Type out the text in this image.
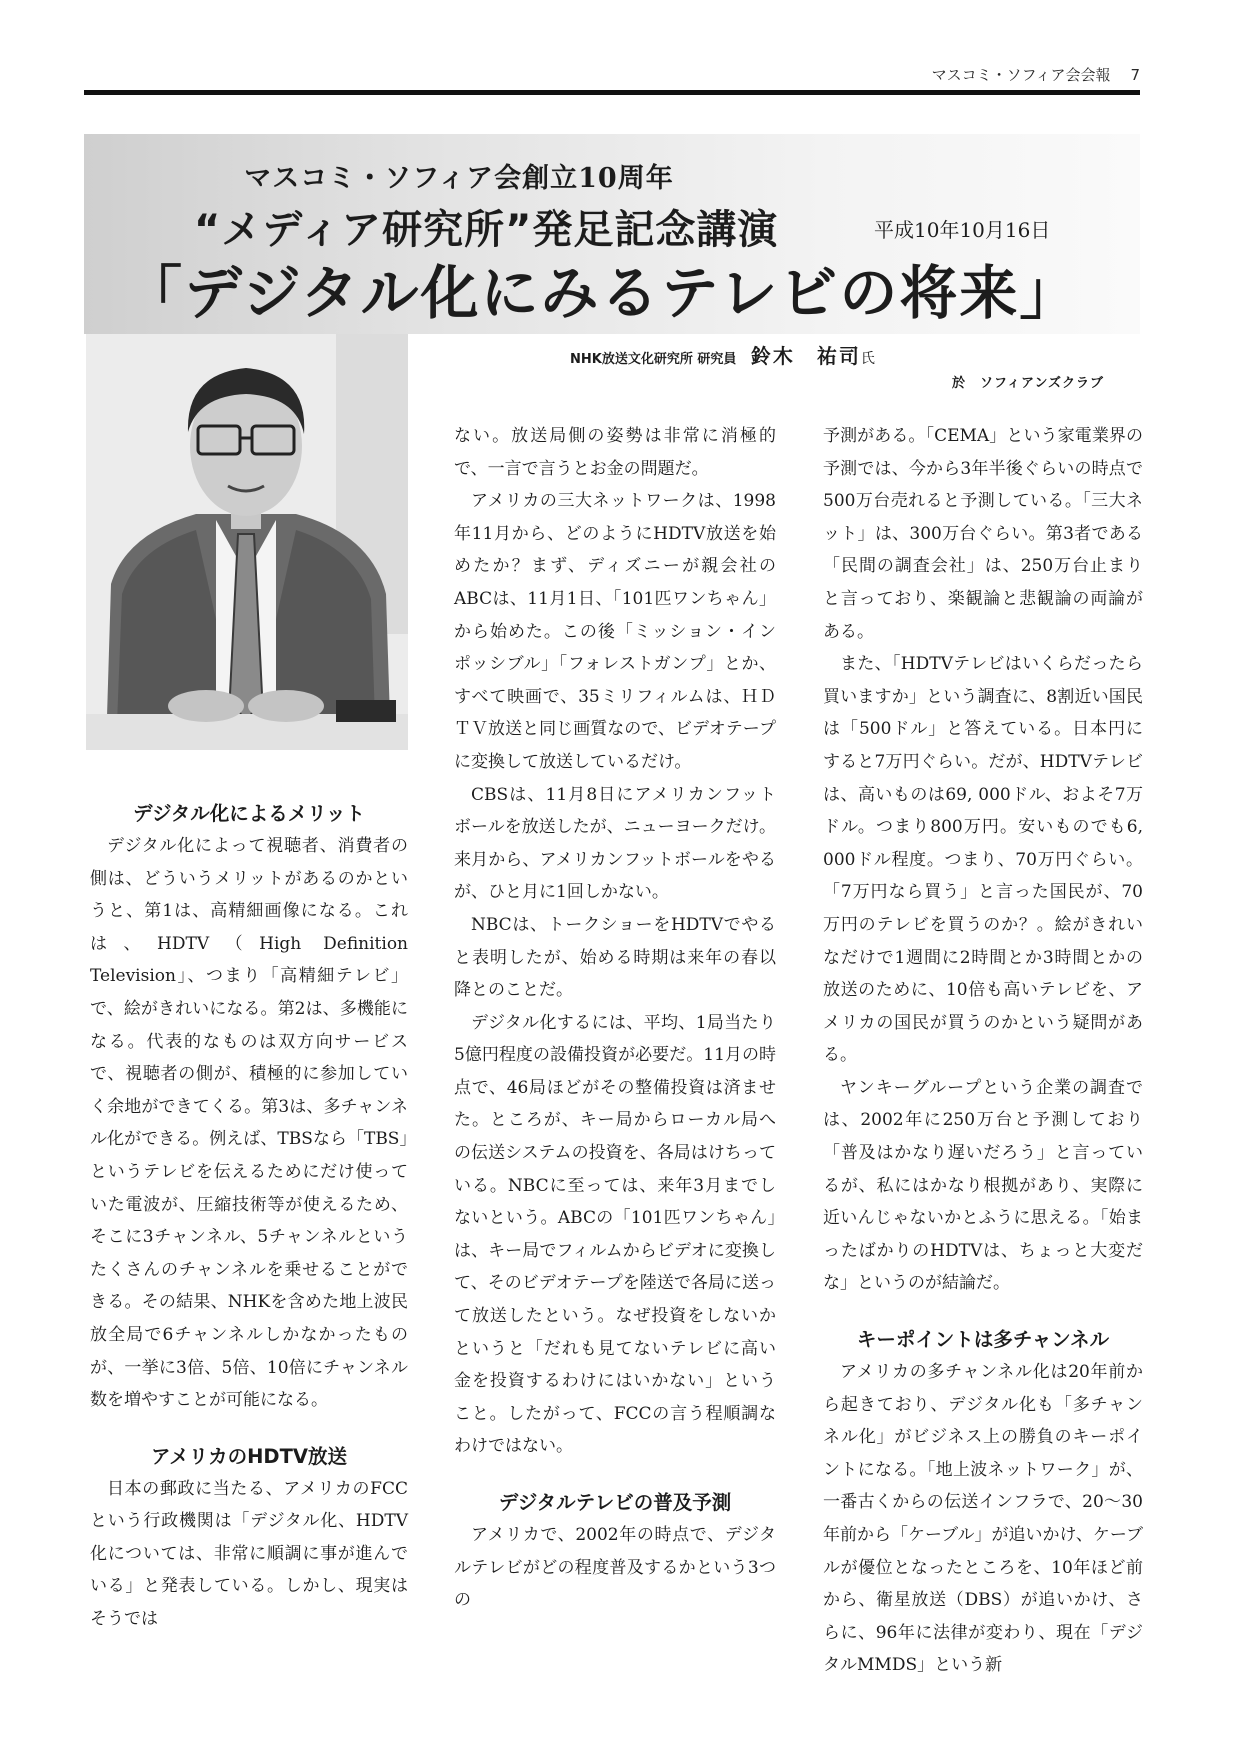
マスコミ・ソフィア会会報 7
マスコミ・ソフィア会創立10周年
“メディア研究所”発足記念講演	平成10年10月16日
「デジタル化にみるテレビの将来」
NHK放送文化研究所 研究員 鈴木　祐司氏
於　ソフィアンズクラブ
デジタル化によるメリット

デジタル化によって視聴者、消費者の側は、どういうメリットがあるのかというと、第1は、高精細画像になる。これは、HDTV（High Definition Television」、つまり「高精細テレビ」で、絵がきれいになる。第2は、多機能になる。代表的なものは双方向サービスで、視聴者の側が、積極的に参加していく余地ができてくる。第3は、多チャンネル化ができる。例えば、TBSなら「TBS」というテレビを伝えるためにだけ使っていた電波が、圧縮技術等が使えるため、そこに3チャンネル、5チャンネルというたくさんのチャンネルを乗せることができる。その結果、NHKを含めた地上波民放全局で6チャンネルしかなかったものが、一挙に3倍、5倍、10倍にチャンネル数を増やすことが可能になる。

アメリカのHDTV放送

日本の郵政に当たる、アメリカのFCCという行政機関は「デジタル化、HDTV化については、非常に順調に事が進んでいる」と発表している。しかし、現実はそうでは

ない。放送局側の姿勢は非常に消極的で、一言で言うとお金の問題だ。

アメリカの三大ネットワークは、1998年11月から、どのようにHDTV放送を始めたか？まず、ディズニーが親会社のABCは、11月1日、「101匹ワンちゃん」から始めた。この後「ミッション・インポッシブル」「フォレストガンプ」とか、すべて映画で、35ミリフィルムは、ＨＤＴＶ放送と同じ画質なので、ビデオテープに変換して放送しているだけ。

CBSは、11月8日にアメリカンフットボールを放送したが、ニューヨークだけ。来月から、アメリカンフットボールをやるが、ひと月に1回しかない。

NBCは、トークショーをHDTVでやると表明したが、始める時期は来年の春以降とのことだ。

デジタル化するには、平均、1局当たり5億円程度の設備投資が必要だ。11月の時点で、46局ほどがその整備投資は済ませた。ところが、キー局からローカル局への伝送システムの投資を、各局はけちっている。NBCに至っては、来年3月までしないという。ABCの「101匹ワンちゃん」は、キー局でフィルムからビデオに変換して、そのビデオテープを陸送で各局に送って放送したという。なぜ投資をしないかというと「だれも見てないテレビに高い金を投資するわけにはいかない」ということ。したがって、FCCの言う程順調なわけではない。

デジタルテレビの普及予測

アメリカで、2002年の時点で、デジタルテレビがどの程度普及するかという3つの

予測がある。「CEMA」という家電業界の予測では、今から3年半後ぐらいの時点で500万台売れると予測している。「三大ネット」は、300万台ぐらい。第3者である「民間の調査会社」は、250万台止まりと言っており、楽観論と悲観論の両論がある。

また、「HDTVテレビはいくらだったら買いますか」という調査に、8割近い国民は「500ドル」と答えている。日本円にすると7万円ぐらい。だが、HDTVテレビは、高いものは69, 000ドル、およそ7万ドル。つまり800万円。安いものでも6, 000ドル程度。つまり、70万円ぐらい。「7万円なら買う」と言った国民が、70万円のテレビを買うのか？。絵がきれいなだけで1週間に2時間とか3時間とかの放送のために、10倍も高いテレビを、アメリカの国民が買うのかという疑問がある。

ヤンキーグループという企業の調査では、2002年に250万台と予測しており「普及はかなり遅いだろう」と言っているが、私にはかなり根拠があり、実際に近いんじゃないかとふうに思える。「始まったばかりのHDTVは、ちょっと大変だな」というのが結論だ。

キーポイントは多チャンネル

アメリカの多チャンネル化は20年前から起きており、デジタル化も「多チャンネル化」がビジネス上の勝負のキーポイントになる。「地上波ネットワーク」が、一番古くからの伝送インフラで、20～30年前から「ケーブル」が追いかけ、ケーブルが優位となったところを、10年ほど前から、衛星放送（DBS）が追いかけ、さらに、96年に法律が変わり、現在「デジタルMMDS」という新
